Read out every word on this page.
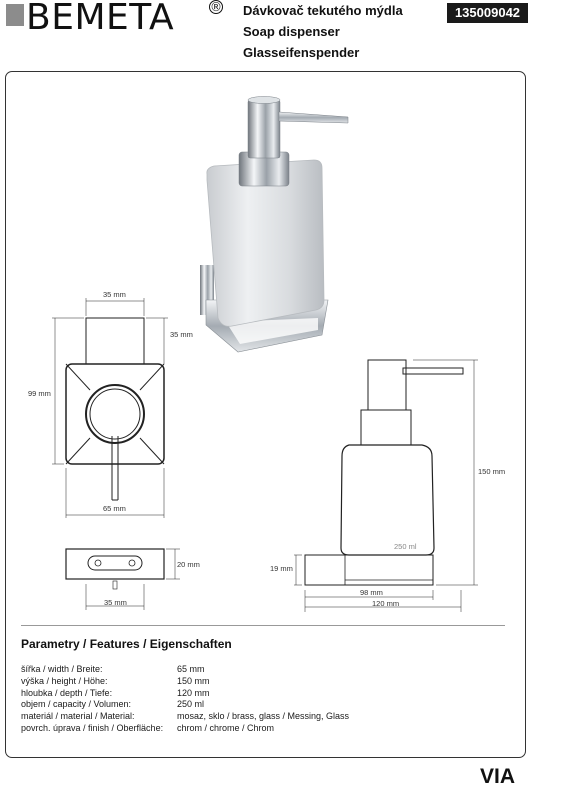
BEMETA	® Dávkovač tekutého mýdla
Soap dispenser
Glasseifenspender
135009042
35 mm
35 mm
99 mm
65 mm
20 mm
35 mm
250 ml
150 mm
19 mm
98 mm
120 mm
Parametry / Features / Eigenschaften
šířka / width / Breite:	65 mm
výška / height / Höhe:	150 mm
hloubka / depth / Tiefe:	120 mm
objem / capacity / Volumen:	250 ml
materiál / material / Material:	mosaz, sklo / brass, glass / Messing, Glass
povrch. úprava / finish / Oberfläche:	chrom / chrome / Chrom
VIA
